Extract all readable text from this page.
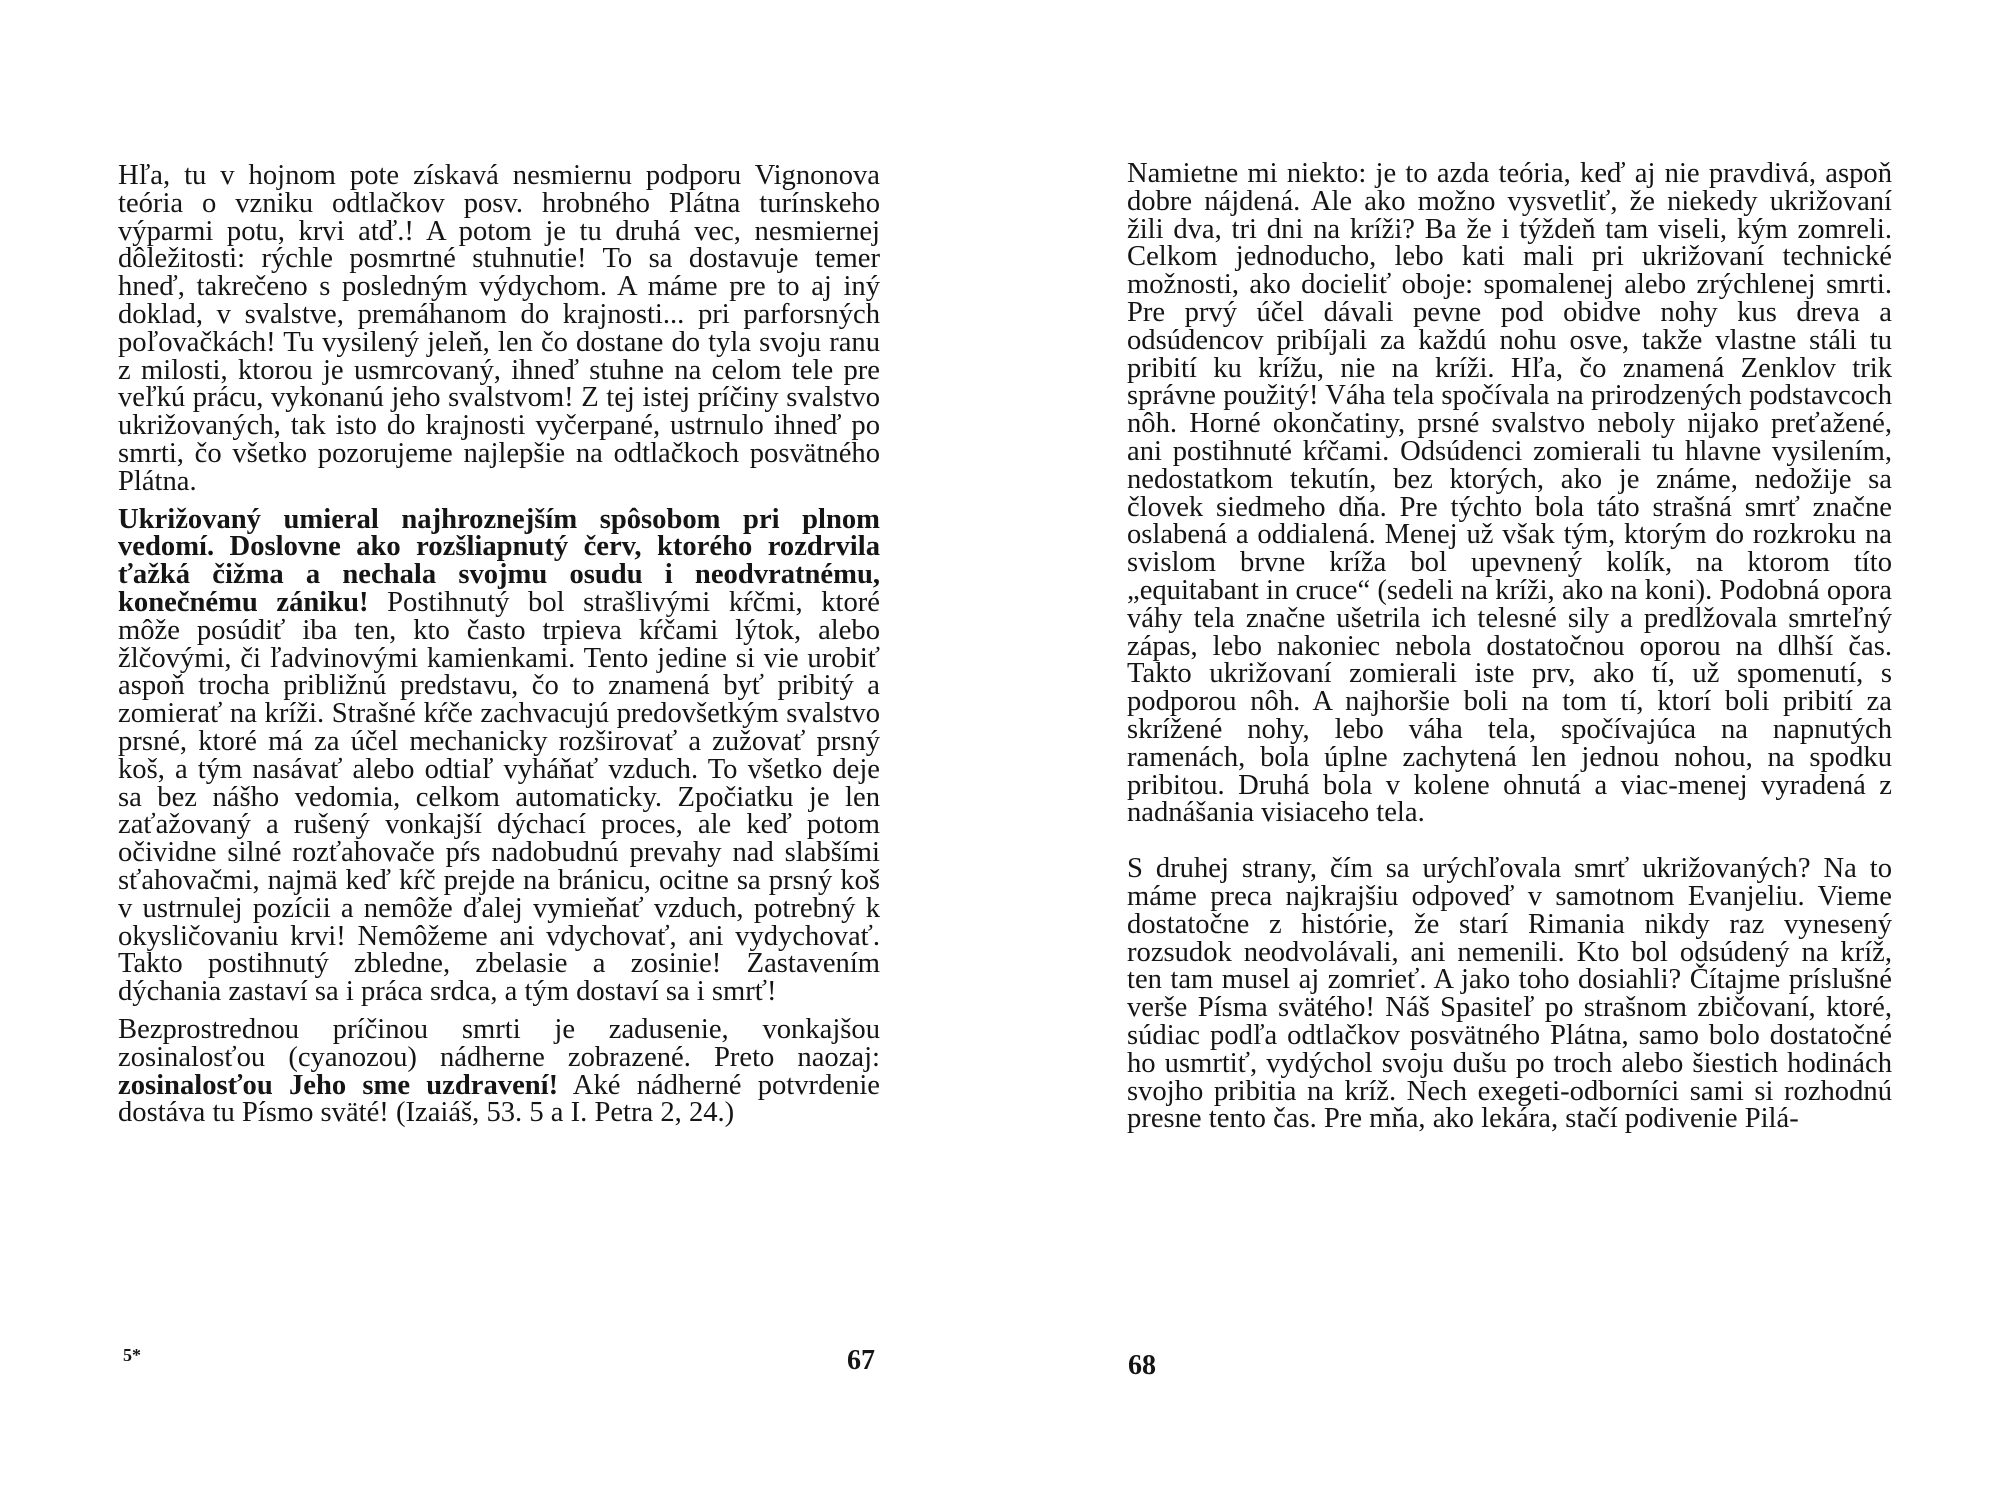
Hľa, tu v hojnom pote získavá nesmiernu podporu Vignonova teória o vzniku odtlačkov posv. hrobného Plátna turínskeho výparmi potu, krvi atď.! A potom je tu druhá vec, nesmiernej dôležitosti: rýchle posmrtné stuhnutie! To sa dostavuje temer hneď, takrečeno s posledným výdychom. A máme pre to aj iný doklad, v svalstve, premáhanom do krajnosti... pri parforsných poľovačkách! Tu vysilený jeleň, len čo dostane do tyla svoju ranu z milosti, ktorou je usmrcovaný, ihneď stuhne na celom tele pre veľkú prácu, vykonanú jeho svalstvom! Z tej istej príčiny svalstvo ukrižovaných, tak isto do krajnosti vyčerpané, ustrnulo ihneď po smrti, čo všetko pozorujeme najlepšie na odtlačkoch posvätného Plátna.

Ukrižovaný umieral najhroznejším spôsobom pri plnom vedomí. Doslovne ako rozšliapnutý červ, ktorého rozdrvila ťažká čižma a nechala svojmu osudu i neodvratnému, konečnému zániku! Postihnutý bol strašlivými kŕčmi, ktoré môže posúdiť iba ten, kto často trpieva kŕčami lýtok, alebo žlčovými, či ľadvinovými kamienkami. Tento jedine si vie urobiť aspoň trocha približnú predstavu, čo to znamená byť pribitý a zomierať na kríži. Strašné kŕče zachvacujú predovšetkým svalstvo prsné, ktoré má za účel mechanicky rozširovať a zužovať prsný koš, a tým nasávať alebo odtiaľ vyháňať vzduch. To všetko deje sa bez nášho vedomia, celkom automaticky. Zpočiatku je len zaťažovaný a rušený vonkajší dýchací proces, ale keď potom očividne silné rozťahovače pŕs nadobudnú prevahy nad slabšími sťahovačmi, najmä keď kŕč prejde na bránicu, ocitne sa prsný koš v ustrnulej pozícii a nemôže ďalej vymieňať vzduch, potrebný k okysličovaniu krvi! Nemôžeme ani vdychovať, ani vydychovať. Takto postihnutý zbledne, zbelasie a zosinie! Zastavením dýchania zastaví sa i práca srdca, a tým dostaví sa i smrť!

Bezprostrednou príčinou smrti je zadusenie, vonkajšou zosinalosťou (cyanozou) nádherne zobrazené. Preto naozaj: zosinalosťou Jeho sme uzdravení! Aké nádherné potvrdenie dostáva tu Písmo sväté! (Izaiáš, 53. 5 a I. Petra 2, 24.)

5*	67

Namietne mi niekto: je to azda teória, keď aj nie pravdivá, aspoň dobre nájdená. Ale ako možno vysvetliť, že niekedy ukrižovaní žili dva, tri dni na kríži? Ba že i týždeň tam viseli, kým zomreli. Celkom jednoducho, lebo kati mali pri ukrižovaní technické možnosti, ako docieliť oboje: spomalenej alebo zrýchlenej smrti. Pre prvý účel dávali pevne pod obidve nohy kus dreva a odsúdencov pribíjali za každú nohu osve, takže vlastne stáli tu pribití ku krížu, nie na kríži. Hľa, čo znamená Zenklov trik správne použitý! Váha tela spočívala na prirodzených podstavcoch nôh. Horné okončatiny, prsné svalstvo neboly nijako preťažené, ani postihnuté kŕčami. Odsúdenci zomierali tu hlavne vysilením, nedostatkom tekutín, bez ktorých, ako je známe, nedožije sa človek siedmeho dňa. Pre týchto bola táto strašná smrť značne oslabená a oddialená. Menej už však tým, ktorým do rozkroku na svislom brvne kríža bol upevnený kolík, na ktorom títo „equitabant in cruce“ (sedeli na kríži, ako na koni). Podobná opora váhy tela značne ušetrila ich telesné sily a predlžovala smrteľný zápas, lebo nakoniec nebola dostatočnou oporou na dlhší čas. Takto ukrižovaní zomierali iste prv, ako tí, už spomenutí, s podporou nôh. A najhoršie boli na tom tí, ktorí boli pribití za skrížené nohy, lebo váha tela, spočívajúca na napnutých ramenách, bola úplne zachytená len jednou nohou, na spodku pribitou. Druhá bola v kolene ohnutá a viac-menej vyradená z nadnášania visiaceho tela.

S druhej strany, čím sa urýchľovala smrť ukrižovaných? Na to máme preca najkrajšiu odpoveď v samotnom Evanjeliu. Vieme dostatočne z histórie, že starí Rimania nikdy raz vynesený rozsudok neodvolávali, ani nemenili. Kto bol odsúdený na kríž, ten tam musel aj zomrieť. A jako toho dosiahli? Čítajme príslušné verše Písma svätého! Náš Spasiteľ po strašnom zbičovaní, ktoré, súdiac podľa odtlačkov posvätného Plátna, samo bolo dostatočné ho usmrtiť, vydýchol svoju dušu po troch alebo šiestich hodinách svojho pribitia na kríž. Nech exegeti-odborníci sami si rozhodnú presne tento čas. Pre mňa, ako lekára, stačí podivenie Pilá-

68
